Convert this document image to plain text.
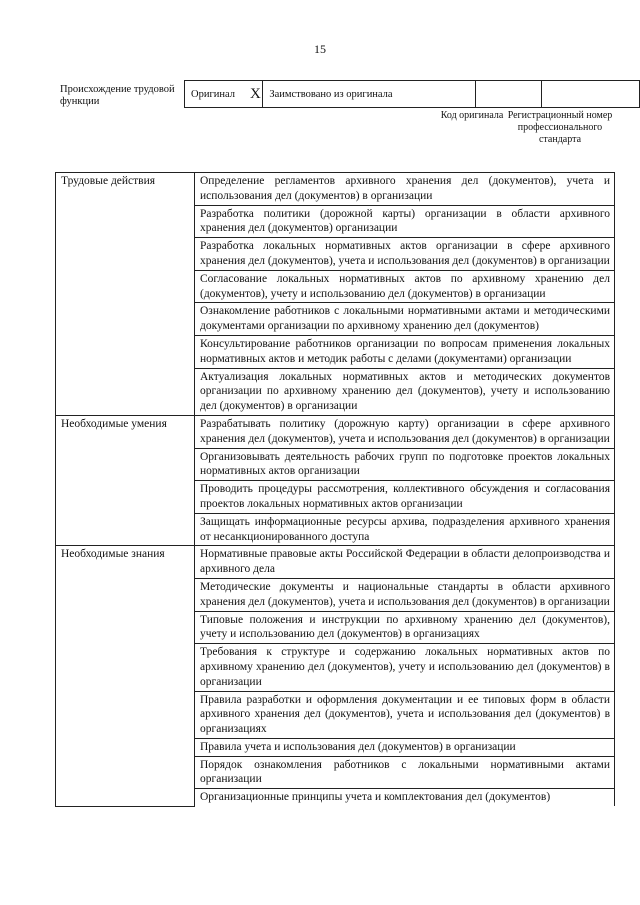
15
Происхождение трудовой функции
Оригинал	X	Заимствовано из оригинала		
Код оригинала Регистрационный номер профессионального стандарта
Трудовые действия	Определение регламентов архивного хранения дел (документов), учета и использования дел (документов) в организации
	Разработка политики (дорожной карты) организации в области архивного хранения дел (документов) организации
	Разработка локальных нормативных актов организации в сфере архивного хранения дел (документов), учета и использования дел (документов) в организации
	Согласование локальных нормативных актов по архивному хранению дел (документов), учету и использованию дел (документов) в организации
	Ознакомление работников с локальными нормативными актами и методическими документами организации по архивному хранению дел (документов)
	Консультирование работников организации по вопросам применения локальных нормативных актов и методик работы с делами (документами) организации
	Актуализация локальных нормативных актов и методических документов организации по архивному хранению дел (документов), учету и использованию дел (документов) в организации
Необходимые умения	Разрабатывать политику (дорожную карту) организации в сфере архивного хранения дел (документов), учета и использования дел (документов) в организации
	Организовывать деятельность рабочих групп по подготовке проектов локальных нормативных актов организации
	Проводить процедуры рассмотрения, коллективного обсуждения и согласования проектов локальных нормативных актов организации
	Защищать информационные ресурсы архива, подразделения архивного хранения от несанкционированного доступа
Необходимые знания	Нормативные правовые акты Российской Федерации в области делопроизводства и архивного дела
	Методические документы и национальные стандарты в области архивного хранения дел (документов), учета и использования дел (документов) в организации
	Типовые положения и инструкции по архивному хранению дел (документов), учету и использованию дел (документов) в организациях
	Требования к структуре и содержанию локальных нормативных актов по архивному хранению дел (документов), учету и использованию дел (документов) в организации
	Правила разработки и оформления документации и ее типовых форм в области архивного хранения дел (документов), учета и использования дел (документов) в организациях
	Правила учета и использования дел (документов) в организации
	Порядок ознакомления работников с локальными нормативными актами организации
	Организационные принципы учета и комплектования дел (документов)
